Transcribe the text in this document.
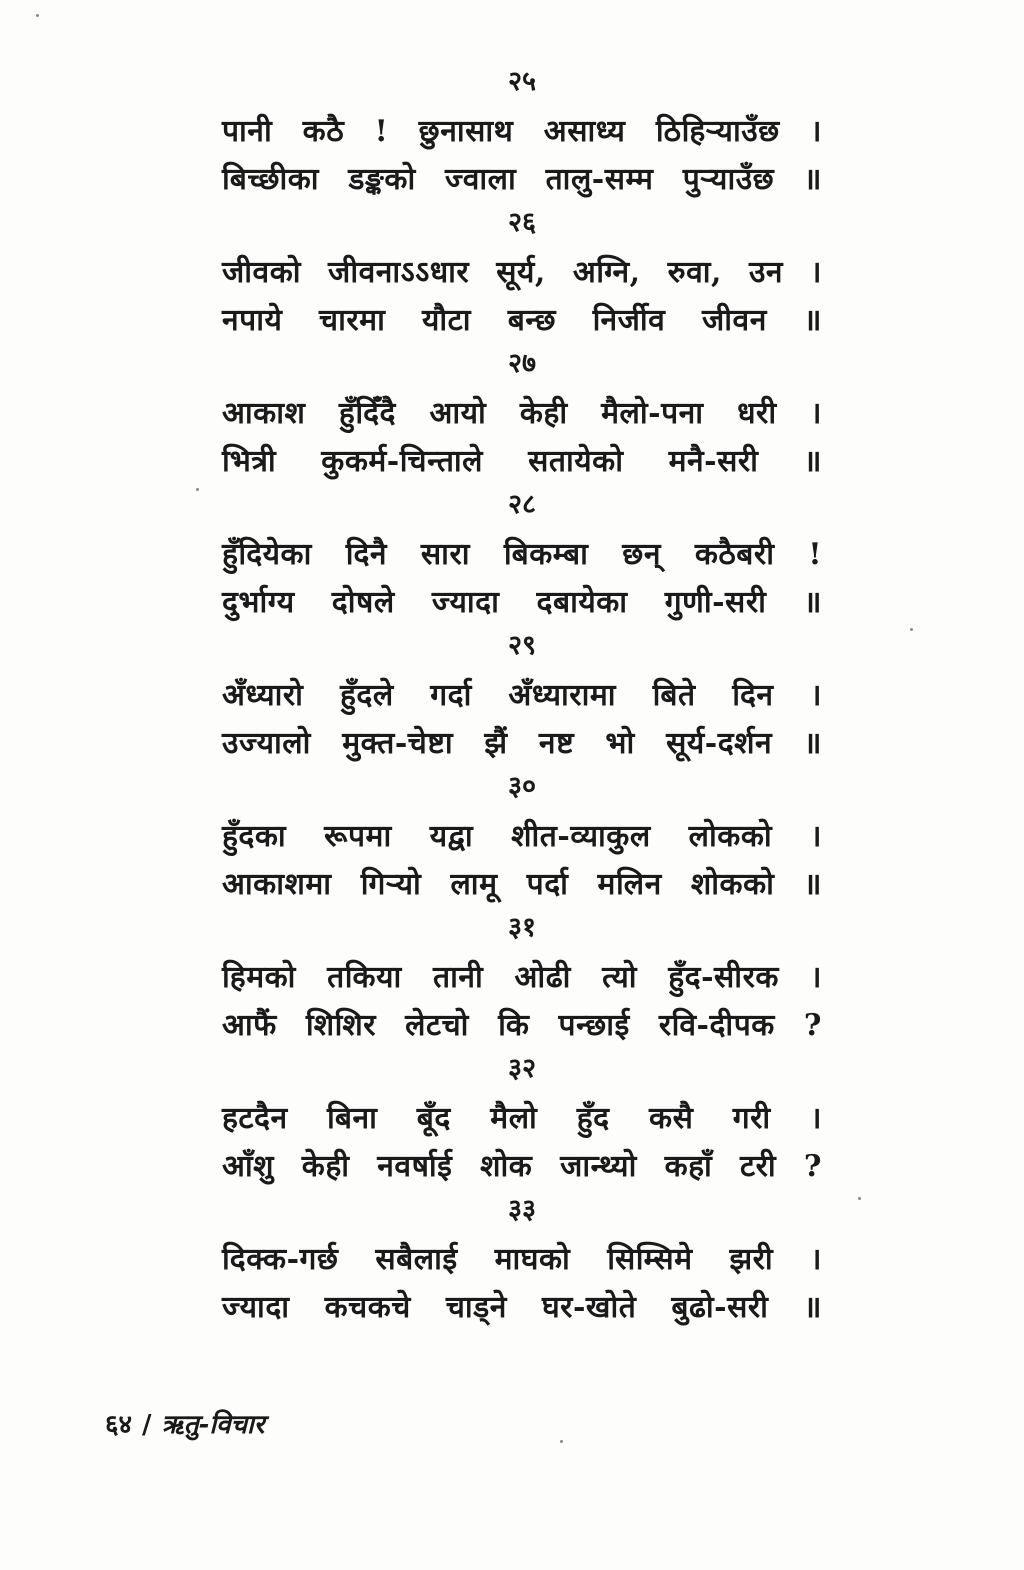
२५
पानी कठै ! छुनासाथ असाध्य ठिहिऱ्याउँछ ।
बिच्छीका डङ्कको ज्वाला तालु-सम्म पुऱ्याउँछ ॥
२६
जीवको जीवनाऽऽधार सूर्य, अग्नि, रुवा, उन ।
नपाये चारमा यौटा बन्छ निर्जीव जीवन ॥
२७
आकाश हुँदिँदै आयो केही मैलो-पना धरी ।
भित्री कुकर्म-चिन्ताले सतायेको मनै-सरी ॥
२८
हुँदियेका दिनै सारा बिकम्बा छन् कठैबरी !
दुर्भाग्य दोषले ज्यादा दबायेका गुणी-सरी ॥
२९
अँध्यारो हुँदले गर्दा अँध्यारामा बिते दिन ।
उज्यालो मुक्त-चेष्टा झैं नष्ट भो सूर्य-दर्शन ॥
३०
हुँदका रूपमा यद्वा शीत-व्याकुल लोकको ।
आकाशमा गिऱ्यो लामू पर्दा मलिन शोकको ॥
३१
हिमको तकिया तानी ओढी त्यो हुँद-सीरक ।
आफैं शिशिर लेटचो कि पन्छाई रवि-दीपक ?
३२
हटदैन बिना बूँद मैलो हुँद कसै गरी ।
आँशु केही नवर्षाई शोक जान्थ्यो कहाँ टरी ?
३३
दिक्क-गर्छ सबैलाई माघको सिम्सिमे झरी ।
ज्यादा कचकचे चाड्ने घर-खोते बुढो-सरी ॥
६४ / ऋतु-विचार
